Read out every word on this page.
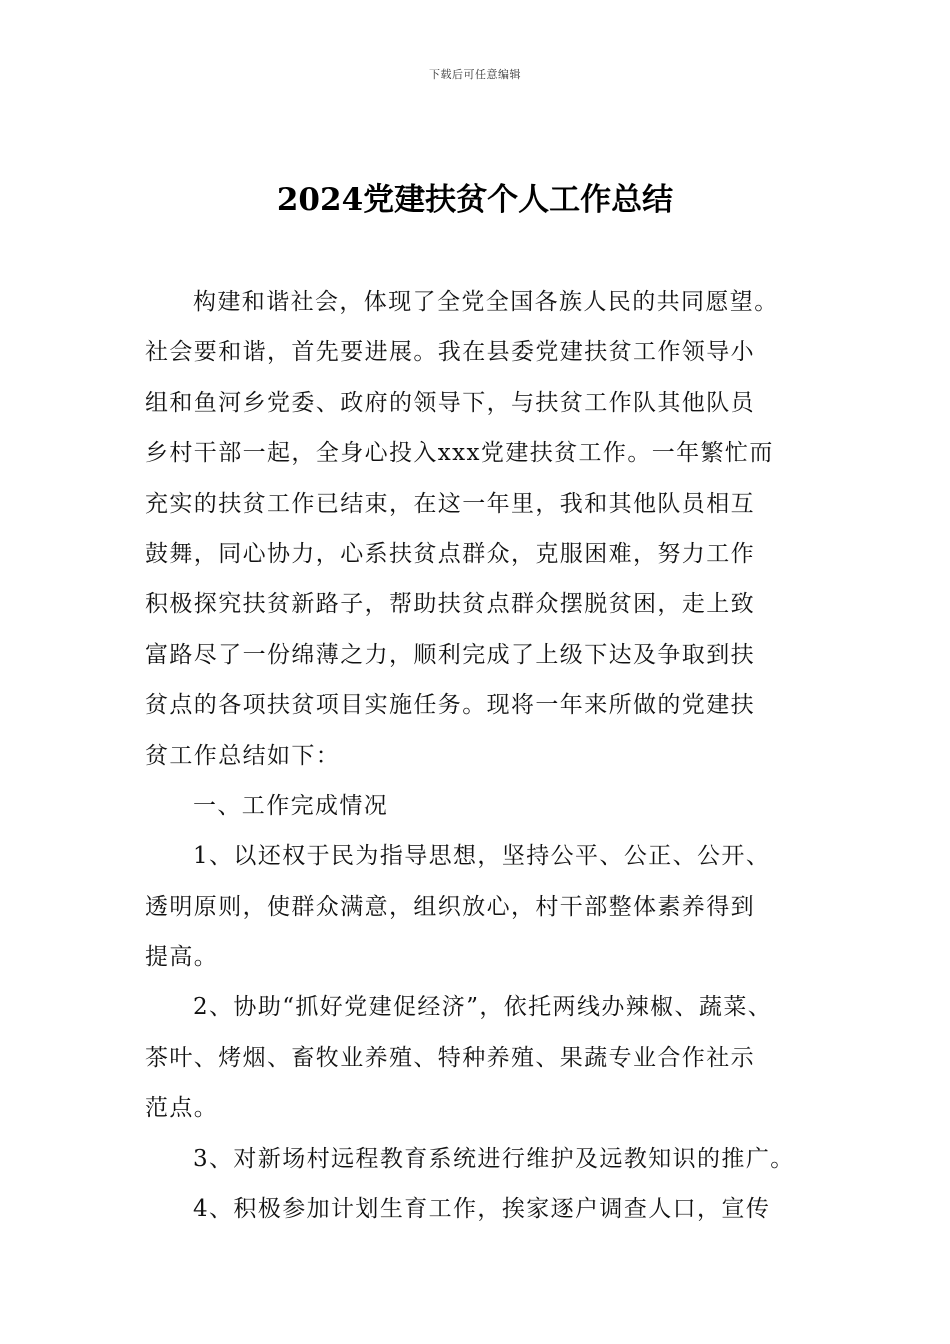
下载后可任意编辑
2024党建扶贫个人工作总结
构建和谐社会，体现了全党全国各族人民的共同愿望。
社会要和谐，首先要进展。我在县委党建扶贫工作领导小
组和鱼河乡党委、政府的领导下，与扶贫工作队其他队员
乡村干部一起，全身心投入xxx党建扶贫工作。一年繁忙而
充实的扶贫工作已结束，在这一年里，我和其他队员相互
鼓舞，同心协力，心系扶贫点群众，克服困难，努力工作
积极探究扶贫新路子，帮助扶贫点群众摆脱贫困，走上致
富路尽了一份绵薄之力，顺利完成了上级下达及争取到扶
贫点的各项扶贫项目实施任务。现将一年来所做的党建扶
贫工作总结如下：
一、工作完成情况
1、以还权于民为指导思想，坚持公平、公正、公开、
透明原则，使群众满意，组织放心，村干部整体素养得到
提高。
2、协助“抓好党建促经济”，依托两线办辣椒、蔬菜、
茶叶、烤烟、畜牧业养殖、特种养殖、果蔬专业合作社示
范点。
3、对新场村远程教育系统进行维护及远教知识的推广。
4、积极参加计划生育工作，挨家逐户调查人口，宣传
